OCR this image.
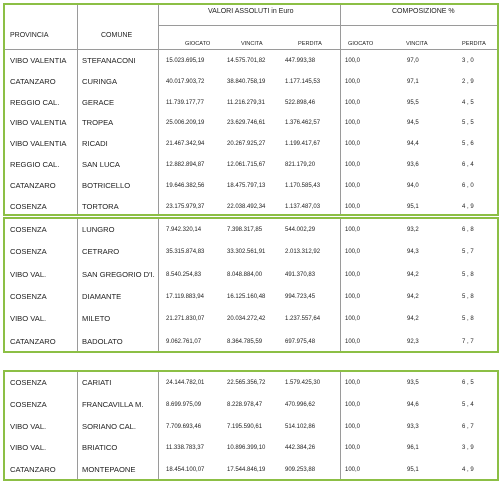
PROVINCIA	COMUNE
VALORI ASSOLUTI in Euro	COMPOSIZIONE %
GIOCATO	VINCITA	PERDITA	GIOCATO	VINCITA	PERDITA
VIBO VALENTIA	STEFANACONI	15.023.695,19	14.575.701,82	447.993,38	100,0	97,0	3 , 0
CATANZARO	CURINGA	40.017.903,72	38.840.758,19	1.177.145,53	100,0	97,1	2 , 9
REGGIO CAL.	GERACE	11.739.177,77	11.216.279,31	522.898,46	100,0	95,5	4 , 5
VIBO VALENTIA	TROPEA	25.006.209,19	23.629.746,61	1.376.462,57	100,0	94,5	5 , 5
VIBO VALENTIA	RICADI	21.467.342,94	20.267.925,27	1.199.417,67	100,0	94,4	5 , 6
REGGIO CAL.	SAN LUCA	12.882.894,87	12.061.715,67	821.179,20	100,0	93,6	6 , 4
CATANZARO	BOTRICELLO	19.646.382,56	18.475.797,13	1.170.585,43	100,0	94,0	6 , 0
COSENZA	TORTORA	23.175.979,37	22.038.492,34	1.137.487,03	100,0	95,1	4 , 9
COSENZA	LUNGRO	7.942.320,14	7.398.317,85	544.002,29	100,0	93,2	6 , 8
COSENZA	CETRARO	35.315.874,83	33.302.561,91	2.013.312,92	100,0	94,3	5 , 7
VIBO VAL.	SAN GREGORIO D'I. 8.540.254,83	8.048.884,00	491.370,83	100,0	94,2	5 , 8
COSENZA	DIAMANTE	17.119.883,94	16.125.160,48	994.723,45	100,0	94,2	5 , 8
VIBO VAL.	MILETO	21.271.830,07	20.034.272,42	1.237.557,64	100,0	94,2	5 , 8
CATANZARO	BADOLATO	9.062.761,07	8.364.785,59	697.975,48	100,0	92,3	7 , 7
COSENZA	CARIATI	24.144.782,01	22.565.356,72	1.579.425,30	100,0	93,5	6 , 5
COSENZA	FRANCAVILLA M.	8.699.975,09	8.228.978,47	470.996,62	100,0	94,6	5 , 4
VIBO VAL.	SORIANO CAL.	7.709.693,46	7.195.590,61	514.102,86	100,0	93,3	6 , 7
VIBO VAL.	BRIATICO	11.338.783,37	10.896.399,10	442.384,26	100,0	96,1	3 , 9
CATANZARO	MONTEPAONE	18.454.100,07	17.544.846,19	909.253,88	100,0	95,1	4 , 9
